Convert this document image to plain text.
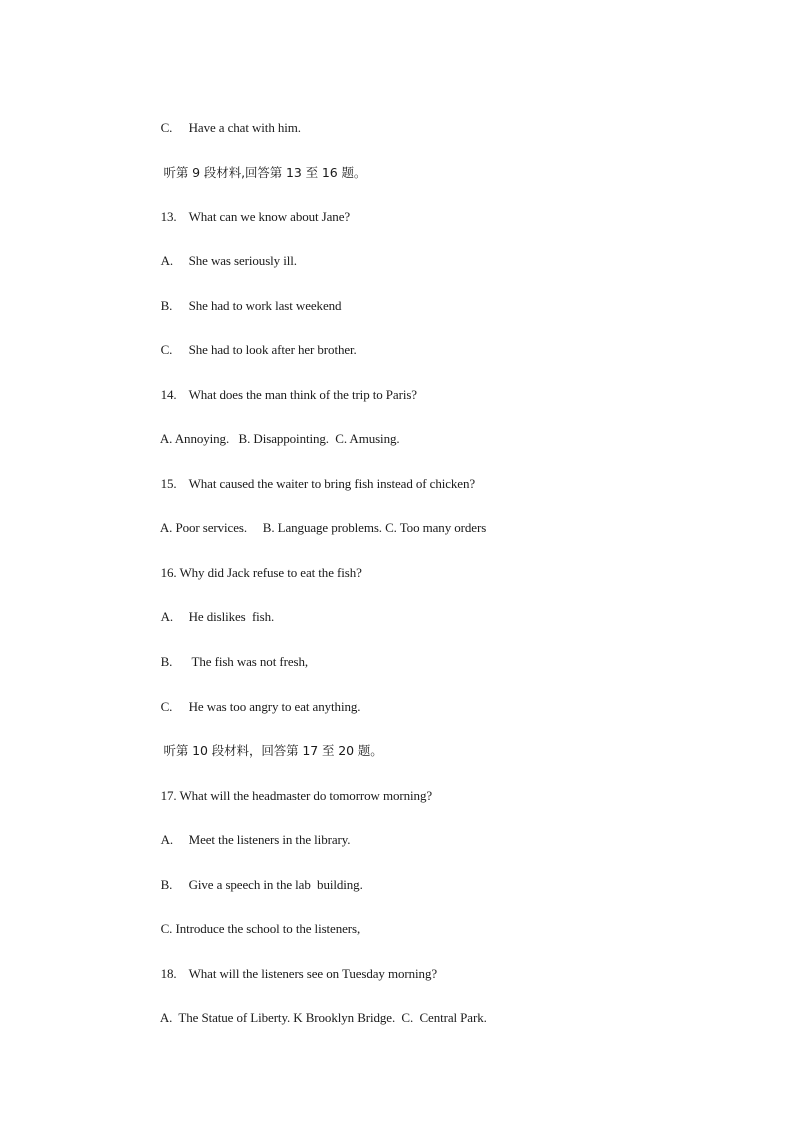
C. Have a chat with him.

听第 9 段材料,回答第 13 至 16 题。

13. What can we know about Jane?

A. She was seriously ill.

B. She had to work last weekend

C. She had to look after her brother.

14. What does the man think of the trip to Paris?

A. Annoying.   B. Disappointing.  C. Amusing.

15. What caused the waiter to bring fish instead of chicken?

A. Poor services.     B. Language problems. C. Too many orders

16. Why did Jack refuse to eat the fish?

A. He dislikes  fish.

B. The fish was not fresh,

C. He was too angry to eat anything.

听第 10 段材料，回答第 17 至 20 题。

17. What will the headmaster do tomorrow morning?

A. Meet the listeners in the library.

B. Give a speech in the lab  building.

C. Introduce the school to the listeners,

18. What will the listeners see on Tuesday morning?

A.  The Statue of Liberty. K Brooklyn Bridge.  C.  Central Park.
